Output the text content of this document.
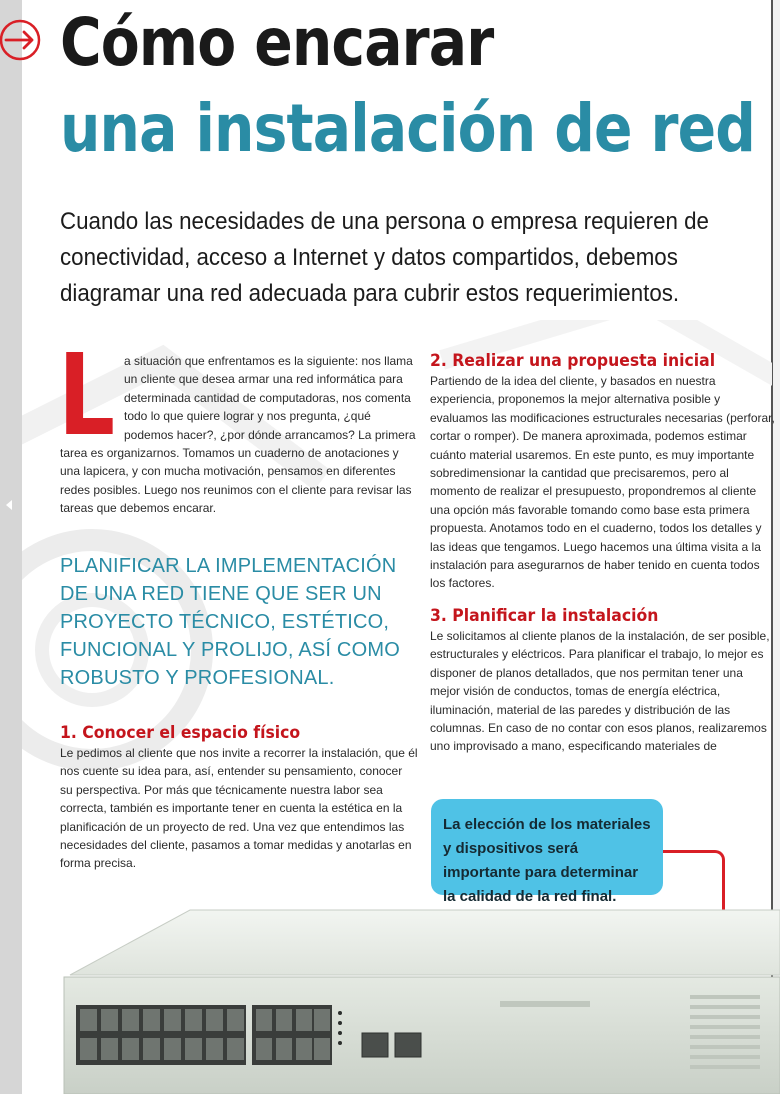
Cómo encarar
una instalación de red

Cuando las necesidades de una persona o empresa requieren de conectividad, acceso a Internet y datos compartidos, debemos diagramar una red adecuada para cubrir estos requerimientos.

L a situación que enfrentamos es la siguiente: nos llama un cliente que desea armar una red informática para determinada cantidad de computadoras, nos comenta todo lo que quiere lograr y nos pregunta, ¿qué podemos hacer?, ¿por dónde arrancamos? La primera tarea es organizarnos. Tomamos un cuaderno de anotaciones y una lapicera, y con mucha motivación, pensamos en diferentes redes posibles. Luego nos reunimos con el cliente para revisar las tareas que debemos encarar.

PLANIFICAR LA IMPLEMENTACIÓN DE UNA RED TIENE QUE SER UN PROYECTO TÉCNICO, ESTÉTICO, FUNCIONAL Y PROLIJO, ASÍ COMO ROBUSTO Y PROFESIONAL.

1. Conocer el espacio físico

Le pedimos al cliente que nos invite a recorrer la instalación, que él nos cuente su idea para, así, entender su pensamiento, conocer su perspectiva. Por más que técnicamente nuestra labor sea correcta, también es importante tener en cuenta la estética en la planificación de un proyecto de red. Una vez que entendimos las necesidades del cliente, pasamos a tomar medidas y anotarlas en forma precisa.

2. Realizar una propuesta inicial

Partiendo de la idea del cliente, y basados en nuestra experiencia, proponemos la mejor alternativa posible y evaluamos las modificaciones estructurales necesarias (perforar, cortar o romper). De manera aproximada, podemos estimar cuánto material usaremos. En este punto, es muy importante sobredimensionar la cantidad que precisaremos, pero al momento de realizar el presupuesto, propondremos al cliente una opción más favorable tomando como base esta primera propuesta. Anotamos todo en el cuaderno, todos los detalles y las ideas que tengamos. Luego hacemos una última visita a la instalación para asegurarnos de haber tenido en cuenta todos los factores.

3. Planificar la instalación

Le solicitamos al cliente planos de la instalación, de ser posible, estructurales y eléctricos. Para planificar el trabajo, lo mejor es disponer de planos detallados, que nos permitan tener una mejor visión de conductos, tomas de energía eléctrica, iluminación, material de las paredes y distribución de las columnas. En caso de no contar con esos planos, realizaremos uno improvisado a mano, especificando materiales de

La elección de los materiales y dispositivos será importante para determinar la calidad de la red final.
